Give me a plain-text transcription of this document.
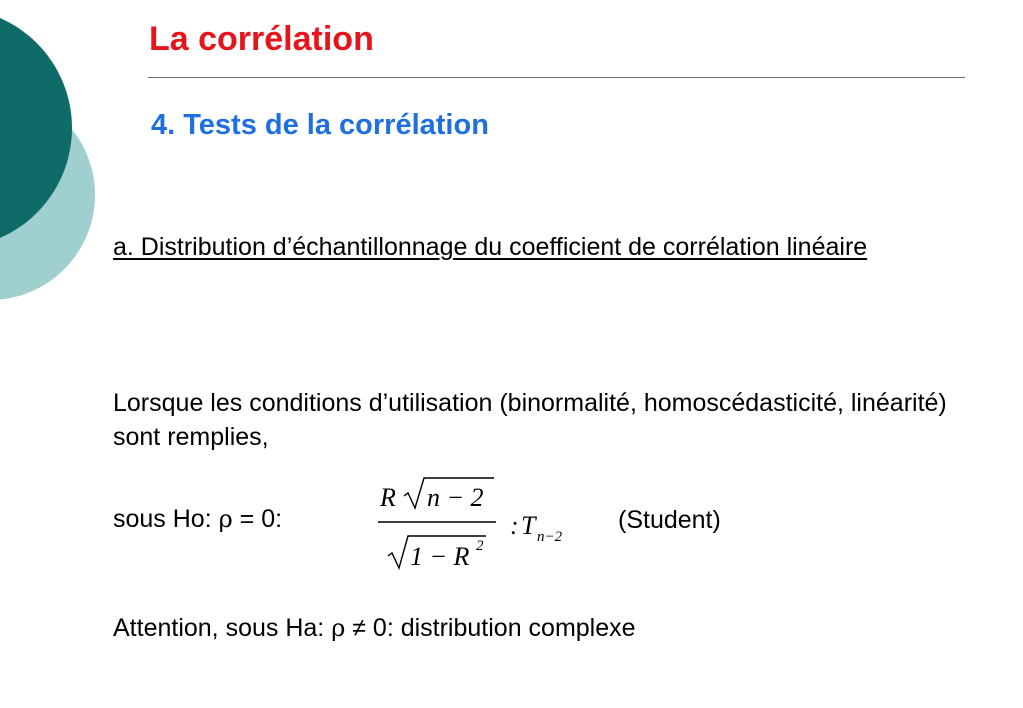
La corrélation
4. Tests de la corrélation
a. Distribution d’échantillonnage du coefficient de corrélation linéaire
Lorsque les conditions d’utilisation (binormalité, homoscédasticité, linéarité) sont remplies,
sous Ho: ρ = 0:
R n − 2
1 − R
: T
2
n−2
(Student)
Attention, sous Ha: ρ ≠ 0: distribution complexe
